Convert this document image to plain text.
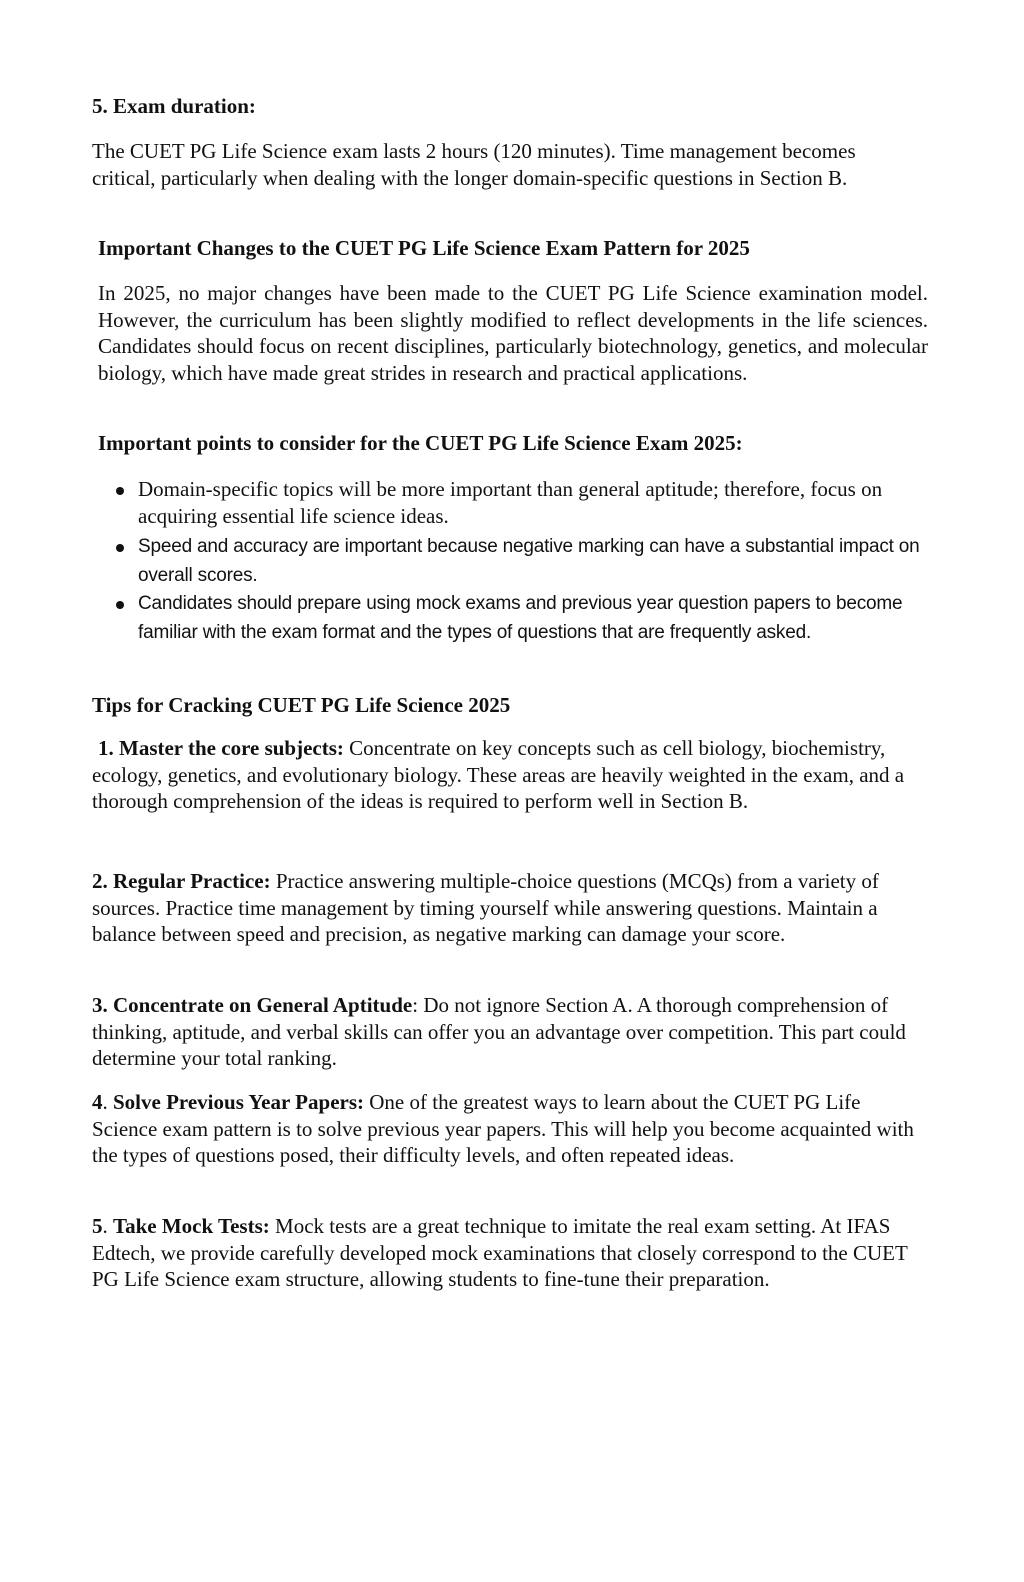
5. Exam duration:

The CUET PG Life Science exam lasts 2 hours (120 minutes). Time management becomes critical, particularly when dealing with the longer domain-specific questions in Section B.

Important Changes to the CUET PG Life Science Exam Pattern for 2025

In 2025, no major changes have been made to the CUET PG Life Science examination model. However, the curriculum has been slightly modified to reflect developments in the life sciences. Candidates should focus on recent disciplines, particularly biotechnology, genetics, and molecular biology, which have made great strides in research and practical applications.

Important points to consider for the CUET PG Life Science Exam 2025:

Domain-specific topics will be more important than general aptitude; therefore, focus on acquiring essential life science ideas.
Speed and accuracy are important because negative marking can have a substantial impact on overall scores.
Candidates should prepare using mock exams and previous year question papers to become familiar with the exam format and the types of questions that are frequently asked.

Tips for Cracking CUET PG Life Science 2025

1. Master the core subjects: Concentrate on key concepts such as cell biology, biochemistry, ecology, genetics, and evolutionary biology. These areas are heavily weighted in the exam, and a thorough comprehension of the ideas is required to perform well in Section B.

2. Regular Practice: Practice answering multiple-choice questions (MCQs) from a variety of sources. Practice time management by timing yourself while answering questions. Maintain a balance between speed and precision, as negative marking can damage your score.

3. Concentrate on General Aptitude: Do not ignore Section A. A thorough comprehension of thinking, aptitude, and verbal skills can offer you an advantage over competition. This part could determine your total ranking.

4. Solve Previous Year Papers: One of the greatest ways to learn about the CUET PG Life Science exam pattern is to solve previous year papers. This will help you become acquainted with the types of questions posed, their difficulty levels, and often repeated ideas.

5. Take Mock Tests: Mock tests are a great technique to imitate the real exam setting. At IFAS Edtech, we provide carefully developed mock examinations that closely correspond to the CUET PG Life Science exam structure, allowing students to fine-tune their preparation.
